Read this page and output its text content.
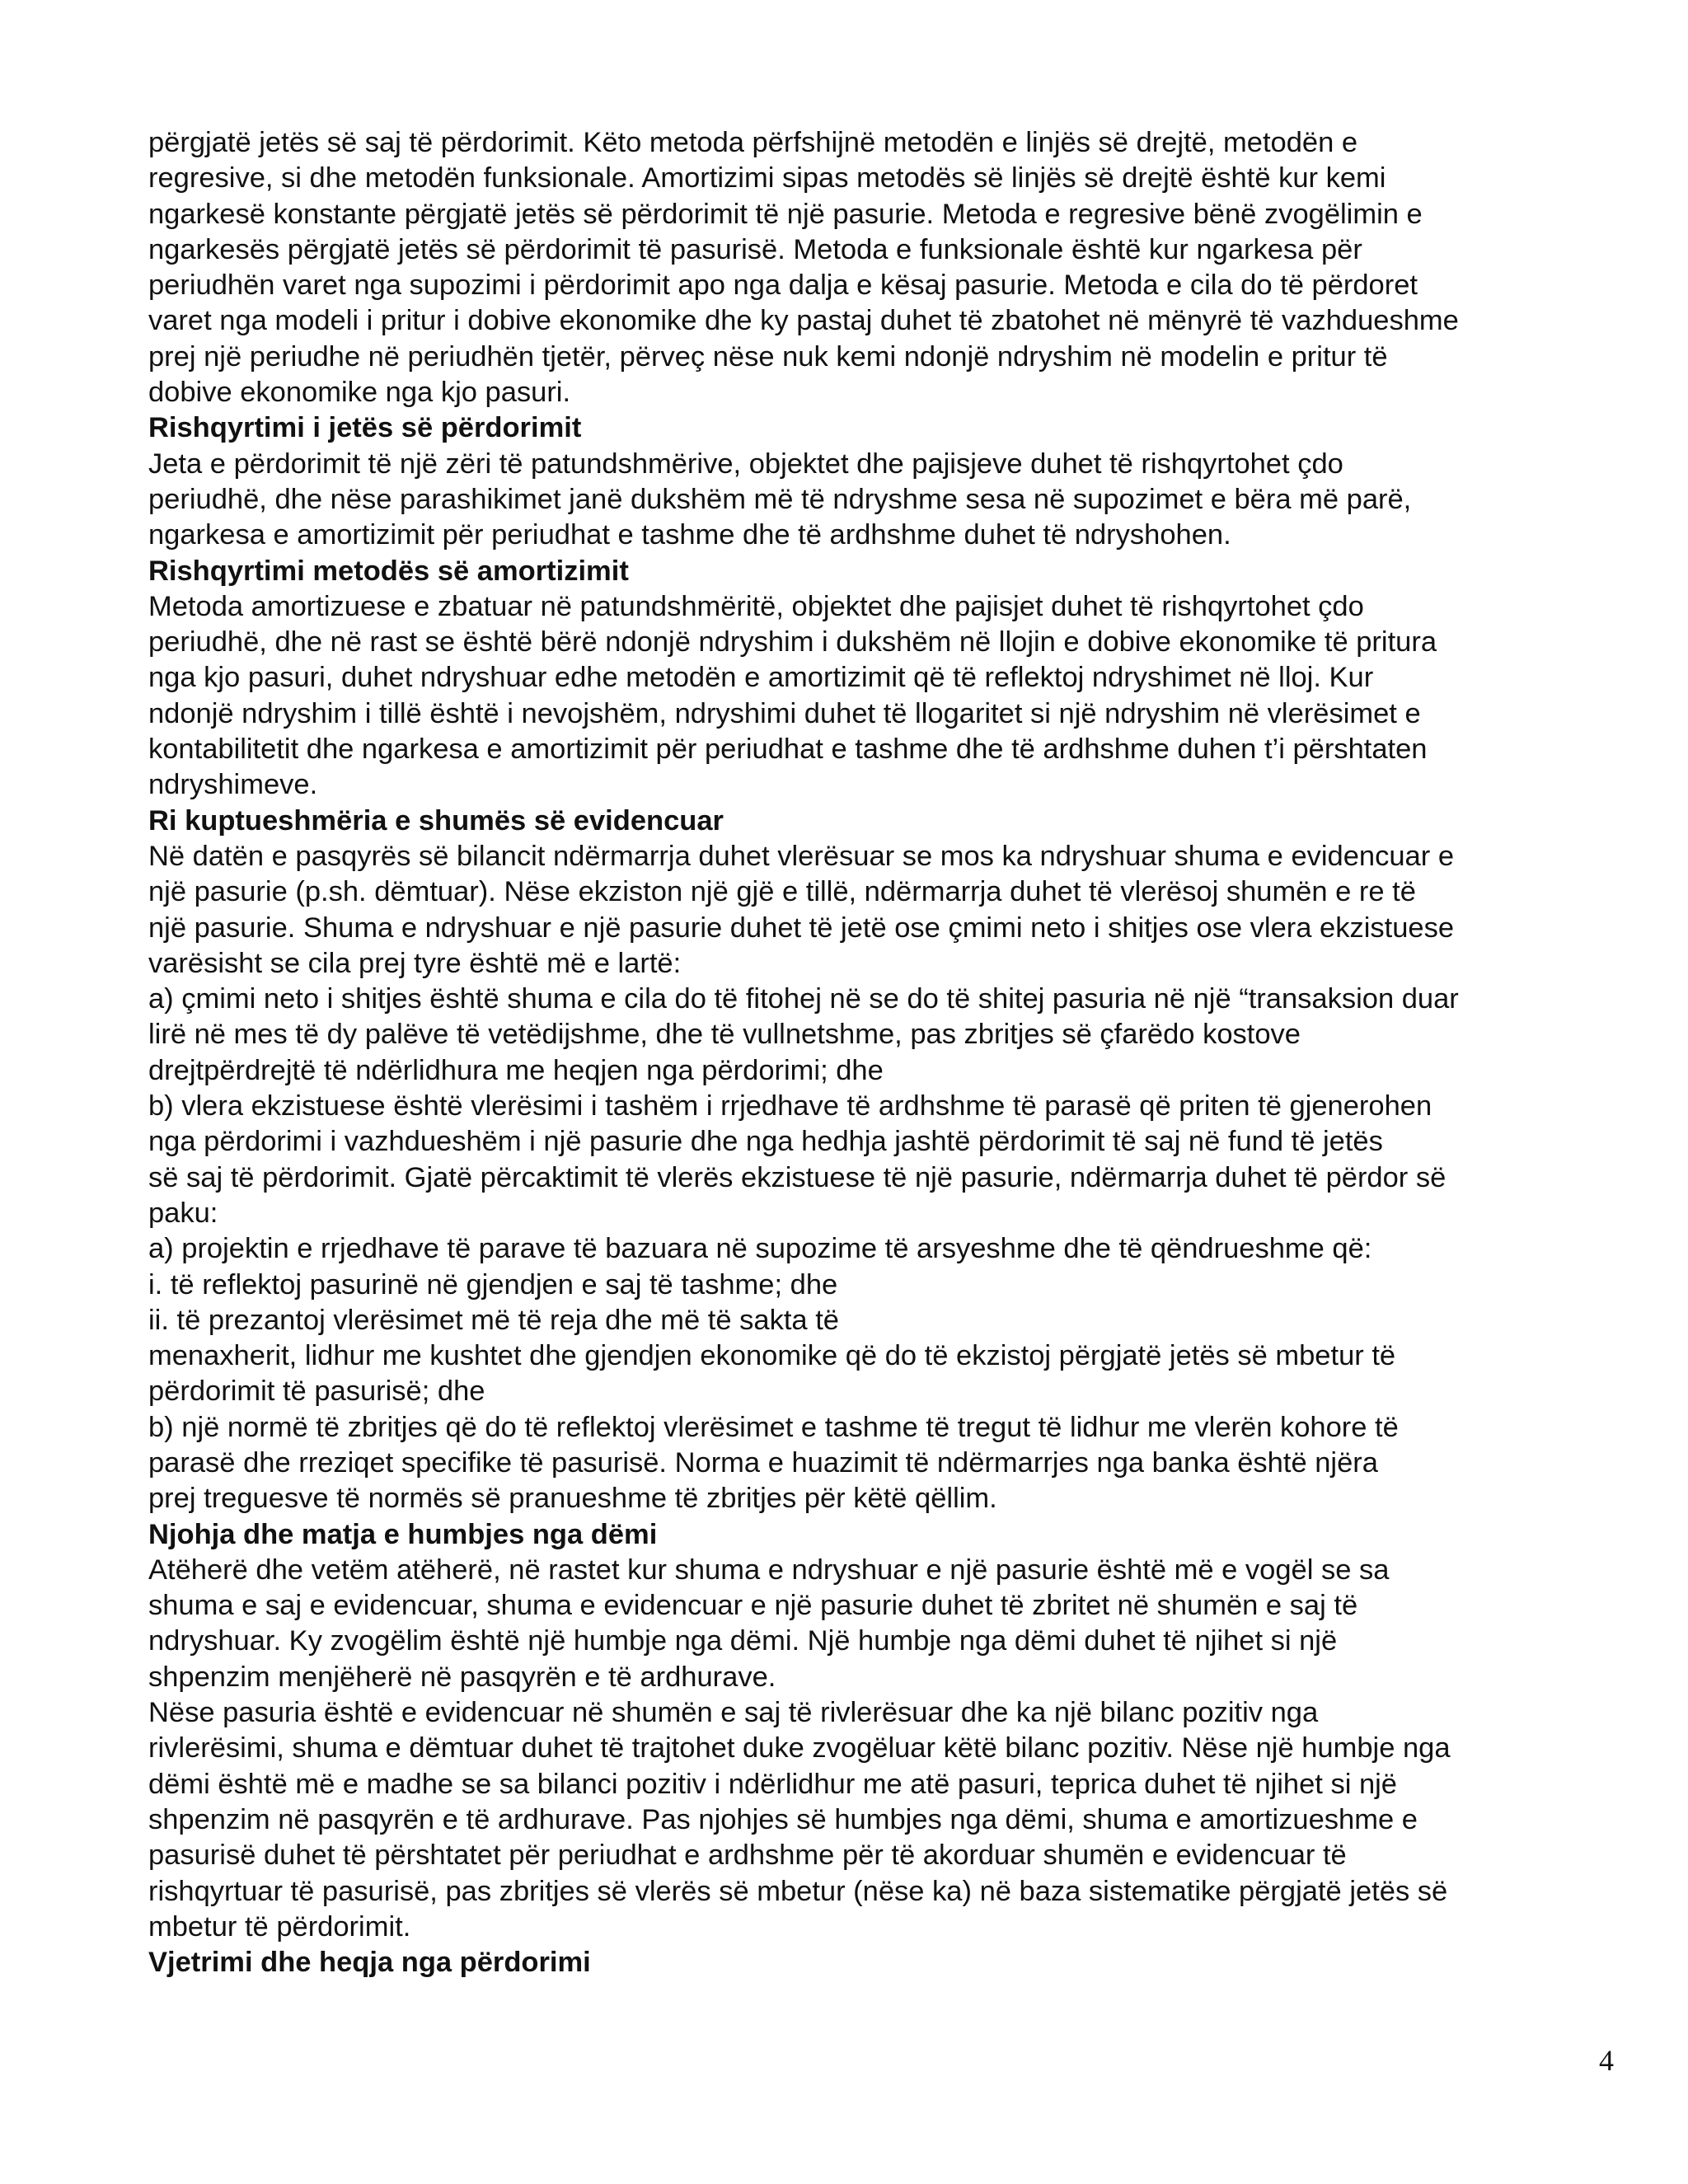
përgjatë jetës së saj të përdorimit. Këto metoda përfshijnë metodën e linjës së drejtë, metodën e
regresive, si dhe metodën funksionale. Amortizimi sipas metodës së linjës së drejtë është kur kemi
ngarkesë konstante përgjatë jetës së përdorimit të një pasurie. Metoda e regresive bënë zvogëlimin e
ngarkesës përgjatë jetës së përdorimit të pasurisë. Metoda e funksionale është kur ngarkesa për
periudhën varet nga supozimi i përdorimit apo nga dalja e kësaj pasurie. Metoda e cila do të përdoret
varet nga modeli i pritur i dobive ekonomike dhe ky pastaj duhet të zbatohet në mënyrë të vazhdueshme
prej një periudhe në periudhën tjetër, përveç nëse nuk kemi ndonjë ndryshim në modelin e pritur të
dobive ekonomike nga kjo pasuri.
Rishqyrtimi i jetës së përdorimit
Jeta e përdorimit të një zëri të patundshmërive, objektet dhe pajisjeve duhet të rishqyrtohet çdo
periudhë, dhe nëse parashikimet janë dukshëm më të ndryshme sesa në supozimet e bëra më parë,
ngarkesa e amortizimit për periudhat e tashme dhe të ardhshme duhet të ndryshohen.
Rishqyrtimi metodës së amortizimit
Metoda amortizuese e zbatuar në patundshmëritë, objektet dhe pajisjet duhet të rishqyrtohet çdo
periudhë, dhe në rast se është bërë ndonjë ndryshim i dukshëm në llojin e dobive ekonomike të pritura
nga kjo pasuri, duhet ndryshuar edhe metodën e amortizimit që të reflektoj ndryshimet në lloj. Kur
ndonjë ndryshim i tillë është i nevojshëm, ndryshimi duhet të llogaritet si një ndryshim në vlerësimet e
kontabilitetit dhe ngarkesa e amortizimit për periudhat e tashme dhe të ardhshme duhen t’i përshtaten
ndryshimeve.
Ri kuptueshmëria e shumës së evidencuar
Në datën e pasqyrës së bilancit ndërmarrja duhet vlerësuar se mos ka ndryshuar shuma e evidencuar e
një pasurie (p.sh. dëmtuar). Nëse ekziston një gjë e tillë, ndërmarrja duhet të vlerësoj shumën e re të
një pasurie. Shuma e ndryshuar e një pasurie duhet të jetë ose çmimi neto i shitjes ose vlera ekzistuese
varësisht se cila prej tyre është më e lartë:
a) çmimi neto i shitjes është shuma e cila do të fitohej në se do të shitej pasuria në një “transaksion duar
lirë në mes të dy palëve të vetëdijshme, dhe të vullnetshme, pas zbritjes së çfarëdo kostove
drejtpërdrejtë të ndërlidhura me heqjen nga përdorimi; dhe
b) vlera ekzistuese është vlerësimi i tashëm i rrjedhave të ardhshme të parasë që priten të gjenerohen
nga përdorimi i vazhdueshëm i një pasurie dhe nga hedhja jashtë përdorimit të saj në fund të jetës
së saj të përdorimit. Gjatë përcaktimit të vlerës ekzistuese të një pasurie, ndërmarrja duhet të përdor së
paku:
a) projektin e rrjedhave të parave të bazuara në supozime të arsyeshme dhe të qëndrueshme që:
i. të reflektoj pasurinë në gjendjen e saj të tashme; dhe
ii. të prezantoj vlerësimet më të reja dhe më të sakta të
menaxherit, lidhur me kushtet dhe gjendjen ekonomike që do të ekzistoj përgjatë jetës së mbetur të
përdorimit të pasurisë; dhe
b) një normë të zbritjes që do të reflektoj vlerësimet e tashme të tregut të lidhur me vlerën kohore të
parasë dhe rreziqet specifike të pasurisë. Norma e huazimit të ndërmarrjes nga banka është njëra
prej treguesve të normës së pranueshme të zbritjes për këtë qëllim.
Njohja dhe matja e humbjes nga dëmi
Atëherë dhe vetëm atëherë, në rastet kur shuma e ndryshuar e një pasurie është më e vogël se sa
shuma e saj e evidencuar, shuma e evidencuar e një pasurie duhet të zbritet në shumën e saj të
ndryshuar. Ky zvogëlim është një humbje nga dëmi. Një humbje nga dëmi duhet të njihet si një
shpenzim menjëherë në pasqyrën e të ardhurave.
Nëse pasuria është e evidencuar në shumën e saj të rivlerësuar dhe ka një bilanc pozitiv nga
rivlerësimi, shuma e dëmtuar duhet të trajtohet duke zvogëluar këtë bilanc pozitiv. Nëse një humbje nga
dëmi është më e madhe se sa bilanci pozitiv i ndërlidhur me atë pasuri, teprica duhet të njihet si një
shpenzim në pasqyrën e të ardhurave. Pas njohjes së humbjes nga dëmi, shuma e amortizueshme e
pasurisë duhet të përshtatet për periudhat e ardhshme për të akorduar shumën e evidencuar të
rishqyrtuar të pasurisë, pas zbritjes së vlerës së mbetur (nëse ka) në baza sistematike përgjatë jetës së
mbetur të përdorimit.
Vjetrimi dhe heqja nga përdorimi
4
